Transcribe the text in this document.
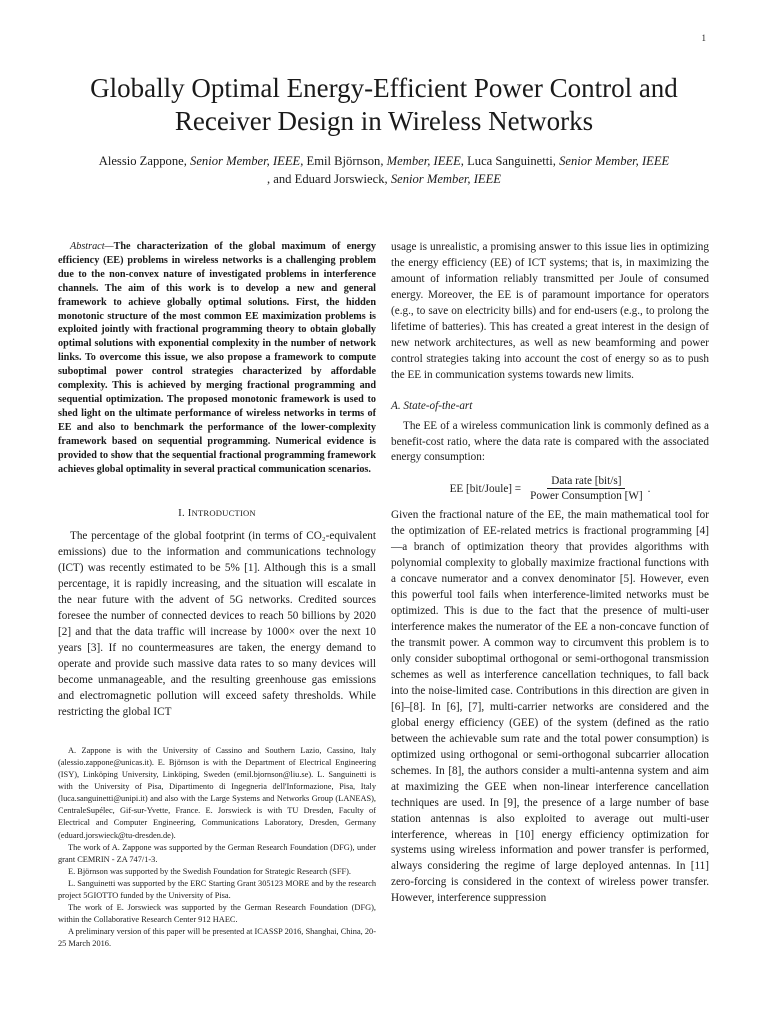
1
Globally Optimal Energy-Efficient Power Control and Receiver Design in Wireless Networks
Alessio Zappone, Senior Member, IEEE, Emil Björnson, Member, IEEE, Luca Sanguinetti, Senior Member, IEEE
, and Eduard Jorswieck, Senior Member, IEEE

Abstract—The characterization of the global maximum of energy efficiency (EE) problems in wireless networks is a challenging problem due to the non-convex nature of investigated problems in interference channels. The aim of this work is to develop a new and general framework to achieve globally optimal solutions. First, the hidden monotonic structure of the most common EE maximization problems is exploited jointly with fractional programming theory to obtain globally optimal solutions with exponential complexity in the number of network links. To overcome this issue, we also propose a framework to compute suboptimal power control strategies characterized by affordable complexity. This is achieved by merging fractional programming and sequential optimization. The proposed monotonic framework is used to shed light on the ultimate performance of wireless networks in terms of EE and also to benchmark the performance of the lower-complexity framework based on sequential programming. Numerical evidence is provided to show that the sequential fractional programming framework achieves global optimality in several practical communication scenarios.

I. INTRODUCTION

The percentage of the global footprint (in terms of CO₂-equivalent emissions) due to the information and communications technology (ICT) was recently estimated to be 5% [1]. Although this is a small percentage, it is rapidly increasing, and the situation will escalate in the near future with the advent of 5G networks. Credited sources foresee the number of connected devices to reach 50 billions by 2020 [2] and that the data traffic will increase by 1000× over the next 10 years [3]. If no countermeasures are taken, the energy demand to operate and provide such massive data rates to so many devices will become unmanageable, and the resulting greenhouse gas emissions and electromagnetic pollution will exceed safety thresholds. While restricting the global ICT

A. Zappone is with the University of Cassino and Southern Lazio, Cassino, Italy (alessio.zappone@unicas.it). E. Björnson is with the Department of Electrical Engineering (ISY), Linköping University, Linköping, Sweden (emil.bjornson@liu.se). L. Sanguinetti is with the University of Pisa, Dipartimento di Ingegneria dell'Informazione, Pisa, Italy (luca.sanguinetti@unipi.it) and also with the Large Systems and Networks Group (LANEAS), CentraleSupélec, Gif-sur-Yvette, France. E. Jorswieck is with TU Dresden, Faculty of Electrical and Computer Engineering, Communications Laboratory, Dresden, Germany (eduard.jorswieck@tu-dresden.de).

The work of A. Zappone was supported by the German Research Foundation (DFG), under grant CEMRIN - ZA 747/1-3.

E. Björnson was supported by the Swedish Foundation for Strategic Research (SFF).

L. Sanguinetti was supported by the ERC Starting Grant 305123 MORE and by the research project 5GIOTTO funded by the University of Pisa.

The work of E. Jorswieck was supported by the German Research Foundation (DFG), within the Collaborative Research Center 912 HAEC.

A preliminary version of this paper will be presented at ICASSP 2016, Shanghai, China, 20-25 March 2016.

usage is unrealistic, a promising answer to this issue lies in optimizing the energy efficiency (EE) of ICT systems; that is, in maximizing the amount of information reliably transmitted per Joule of consumed energy. Moreover, the EE is of paramount importance for operators (e.g., to save on electricity bills) and for end-users (e.g., to prolong the lifetime of batteries). This has created a great interest in the design of new network architectures, as well as new beamforming and power control strategies taking into account the cost of energy so as to push the EE in communication systems towards new limits.

A. State-of-the-art

The EE of a wireless communication link is commonly defined as a benefit-cost ratio, where the data rate is compared with the associated energy consumption:

EE [bit/Joule] = $\frac{\text{Data rate [bit/s]}}{\text{Power Consumption [W]}}$ .

Given the fractional nature of the EE, the main mathematical tool for the optimization of EE-related metrics is fractional programming [4]—a branch of optimization theory that provides algorithms with polynomial complexity to globally maximize fractional functions with a concave numerator and a convex denominator [5]. However, even this powerful tool fails when interference-limited networks must be optimized. This is due to the fact that the presence of multi-user interference makes the numerator of the EE a non-concave function of the transmit power. A common way to circumvent this problem is to only consider suboptimal orthogonal or semi-orthogonal transmission schemes as well as interference cancellation techniques, to fall back into the noise-limited case. Contributions in this direction are given in [6]–[8]. In [6], [7], multi-carrier networks are considered and the global energy efficiency (GEE) of the system (defined as the ratio between the achievable sum rate and the total power consumption) is optimized using orthogonal or semi-orthogonal subcarrier allocation schemes. In [8], the authors consider a multi-antenna system and aim at maximizing the GEE when non-linear interference cancellation techniques are used. In [9], the presence of a large number of base station antennas is also exploited to average out multi-user interference, whereas in [10] energy efficiency optimization for systems using wireless information and power transfer is performed, always considering the regime of large deployed antennas. In [11] zero-forcing is considered in the context of wireless power transfer. However, interference suppression
